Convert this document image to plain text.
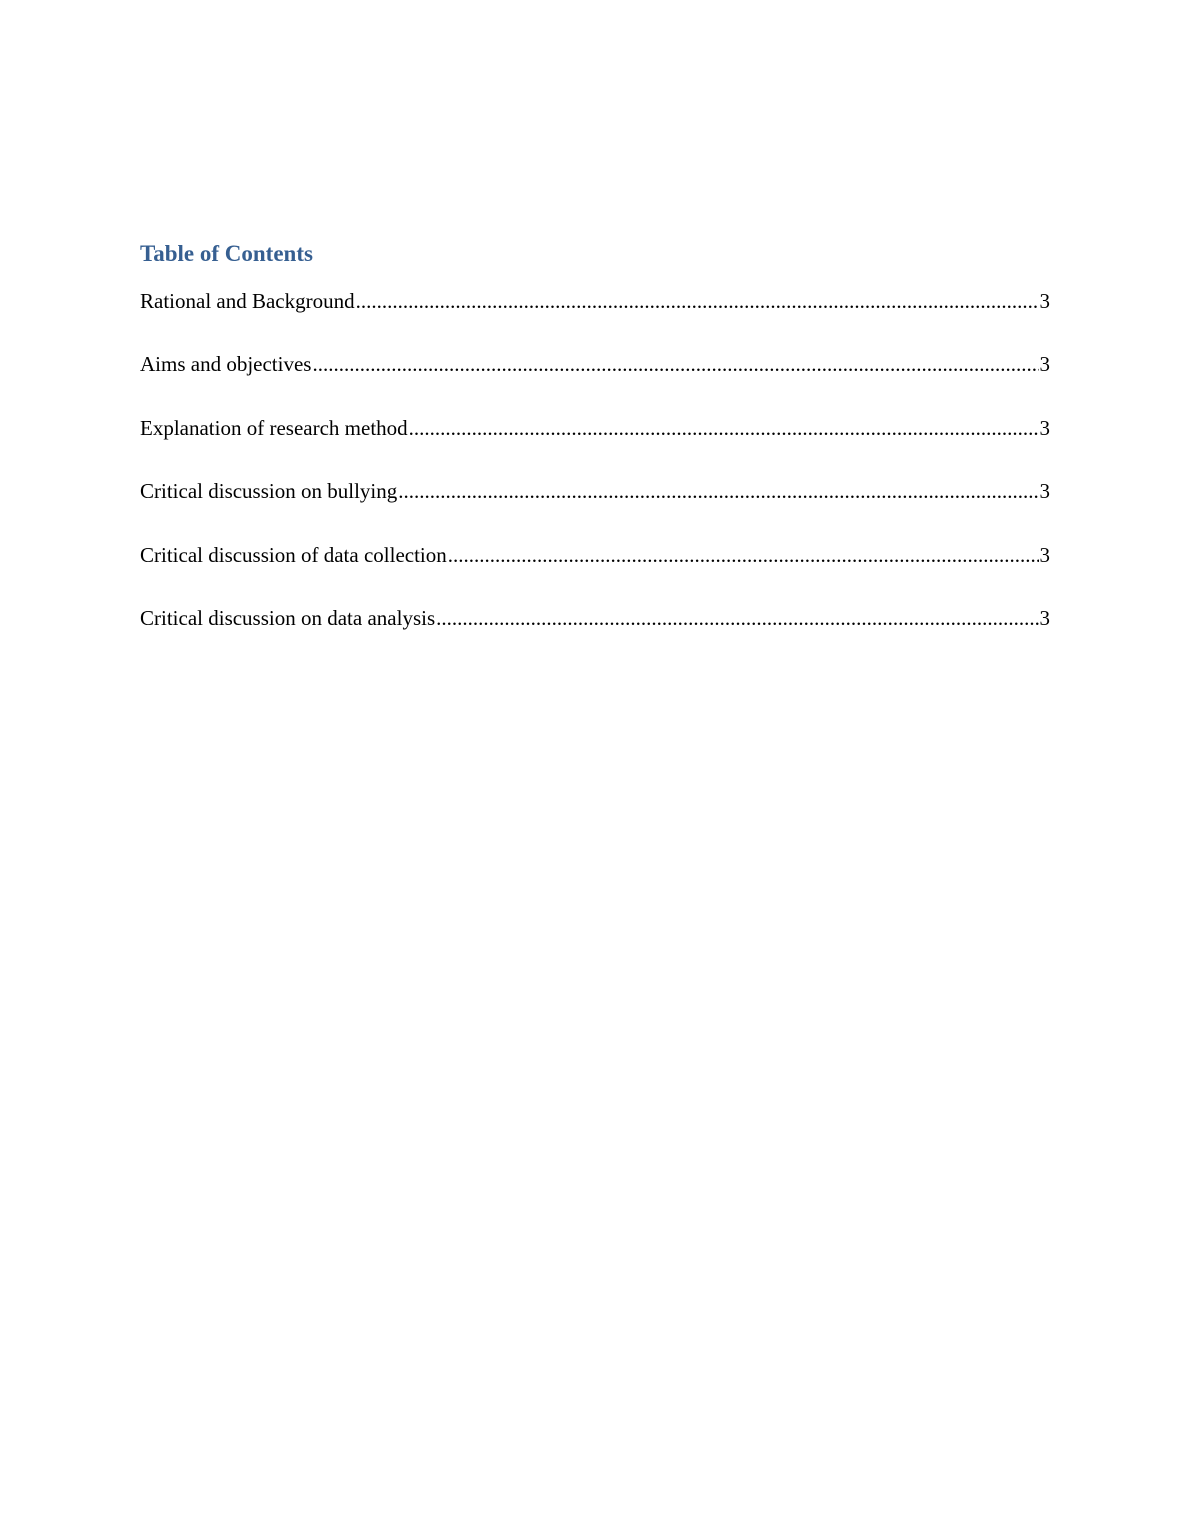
Table of Contents
Rational and Background .....	3
Aims and objectives .....	3
Explanation of research method .....	3
Critical discussion on bullying .....	3
Critical discussion of data collection .....	3
Critical discussion on data analysis .....	3
